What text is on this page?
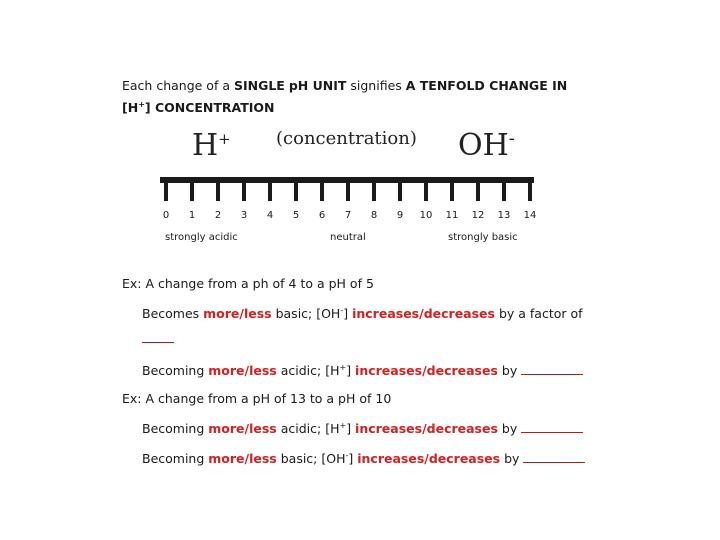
Each change of a SINGLE pH UNIT signifies A TENFOLD CHANGE IN
[H+] CONCENTRATION
H+	(concentration) OH-
0 1 2 3 4 5 6 7 8 9 10 11 12 13 14
strongly acidic	neutral	strongly basic
Ex: A change from a ph of 4 to a pH of 5
Becomes more/less basic; [OH-] increases/decreases by a factor of
Becoming more/less acidic; [H+] increases/decreases by
Ex: A change from a pH of 13 to a pH of 10
Becoming more/less acidic; [H+] increases/decreases by
Becoming more/less basic; [OH-] increases/decreases by
